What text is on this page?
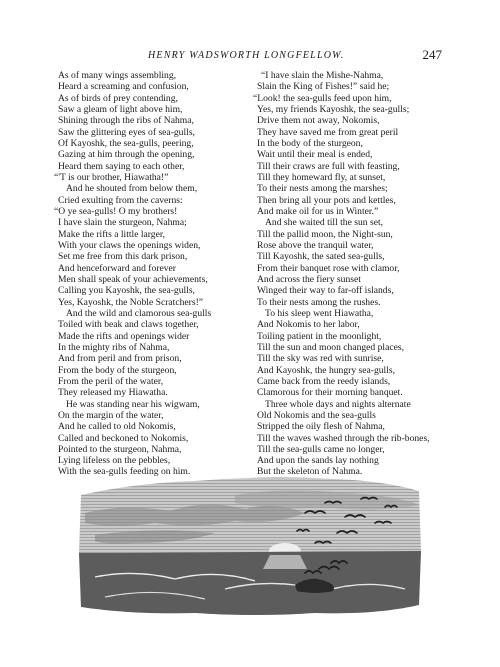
HENRY WADSWORTH LONGFELLOW.	247
As of many wings assembling,
Heard a screaming and confusion,
As of birds of prey contending,
Saw a gleam of light above him,
Shining through the ribs of Nahma,
Saw the glittering eyes of sea-gulls,
Of Kayoshk, the sea-gulls, peering,
Gazing at him through the opening,
Heard them saying to each other,
“'T is our brother, Hiawatha!”
And he shouted from below them,
Cried exulting from the caverns:
“O ye sea-gulls! O my brothers!
I have slain the sturgeon, Nahma;
Make the rifts a little larger,
With your claws the openings widen,
Set me free from this dark prison,
And henceforward and forever
Men shall speak of your achievements,
Calling you Kayoshk, the sea-gulls,
Yes, Kayoshk, the Noble Scratchers!”
And the wild and clamorous sea-gulls
Toiled with beak and claws together,
Made the rifts and openings wider
In the mighty ribs of Nahma,
And from peril and from prison,
From the body of the sturgeon,
From the peril of the water,
They released my Hiawatha.
He was standing near his wigwam,
On the margin of the water,
And he called to old Nokomis,
Called and beckoned to Nokomis,
Pointed to the sturgeon, Nahma,
Lying lifeless on the pebbles,
With the sea-gulls feeding on him.
“I have slain the Mishe-Nahma,
Slain the King of Fishes!” said he;
“Look! the sea-gulls feed upon him,
Yes, my friends Kayoshk, the sea-gulls;
Drive them not away, Nokomis,
They have saved me from great peril
In the body of the sturgeon,
Wait until their meal is ended,
Till their craws are full with feasting,
Till they homeward fly, at sunset,
To their nests among the marshes;
Then bring all your pots and kettles,
And make oil for us in Winter.”
And she waited till the sun set,
Till the pallid moon, the Night-sun,
Rose above the tranquil water,
Till Kayoshk, the sated sea-gulls,
From their banquet rose with clamor,
And across the fiery sunset
Winged their way to far-off islands,
To their nests among the rushes.
To his sleep went Hiawatha,
And Nokomis to her labor,
Toiling patient in the moonlight,
Till the sun and moon changed places,
Till the sky was red with sunrise,
And Kayoshk, the hungry sea-gulls,
Came back from the reedy islands,
Clamorous for their morning banquet.
Three whole days and nights alternate
Old Nokomis and the sea-gulls
Stripped the oily flesh of Nahma,
Till the waves washed through the rib-bones,
Till the sea-gulls came no longer,
And upon the sands lay nothing
But the skeleton of Nahma.
